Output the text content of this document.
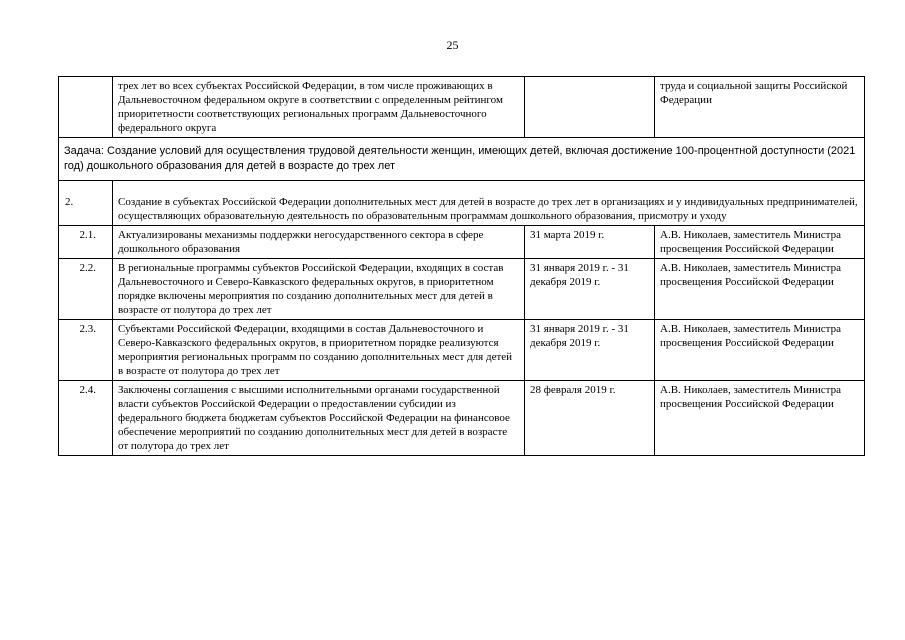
25
	трех лет во всех субъектах Российской Федерации, в том числе проживающих в Дальневосточном федеральном округе в соответствии с определенным рейтингом приоритетности соответствующих региональных программ Дальневосточного федерального округа		труда и социальной защиты Российской Федерации
Задача: Создание условий для осуществления трудовой деятельности женщин, имеющих детей, включая достижение 100-процентной доступности (2021 год) дошкольного образования для детей в возрасте до трех лет			
2.	Создание в субъектах Российской Федерации дополнительных мест для детей в возрасте до трех лет в организациях и у индивидуальных предпринимателей, осуществляющих образовательную деятельность по образовательным программам дошкольного образования, присмотру и уходу		
2.1.	Актуализированы механизмы поддержки негосударственного сектора в сфере дошкольного образования	31 марта 2019 г.	А.В. Николаев, заместитель Министра просвещения Российской Федерации
2.2.	В региональные программы субъектов Российской Федерации, входящих в состав Дальневосточного и Северо-Кавказского федеральных округов, в приоритетном порядке включены мероприятия по созданию дополнительных мест для детей в возрасте от полутора до трех лет	31 января 2019 г. - 31 декабря 2019 г.	А.В. Николаев, заместитель Министра просвещения Российской Федерации
2.3.	Субъектами Российской Федерации, входящими в состав Дальневосточного и Северо-Кавказского федеральных округов, в приоритетном порядке реализуются мероприятия региональных программ по созданию дополнительных мест для детей в возрасте от полутора до трех лет	31 января 2019 г. - 31 декабря 2019 г.	А.В. Николаев, заместитель Министра просвещения Российской Федерации
2.4.	Заключены соглашения с высшими исполнительными органами государственной власти субъектов Российской Федерации о предоставлении субсидии из федерального бюджета бюджетам субъектов Российской Федерации на финансовое обеспечение мероприятий по созданию дополнительных мест для детей в возрасте от полутора до трех лет	28 февраля 2019 г.	А.В. Николаев, заместитель Министра просвещения Российской Федерации
